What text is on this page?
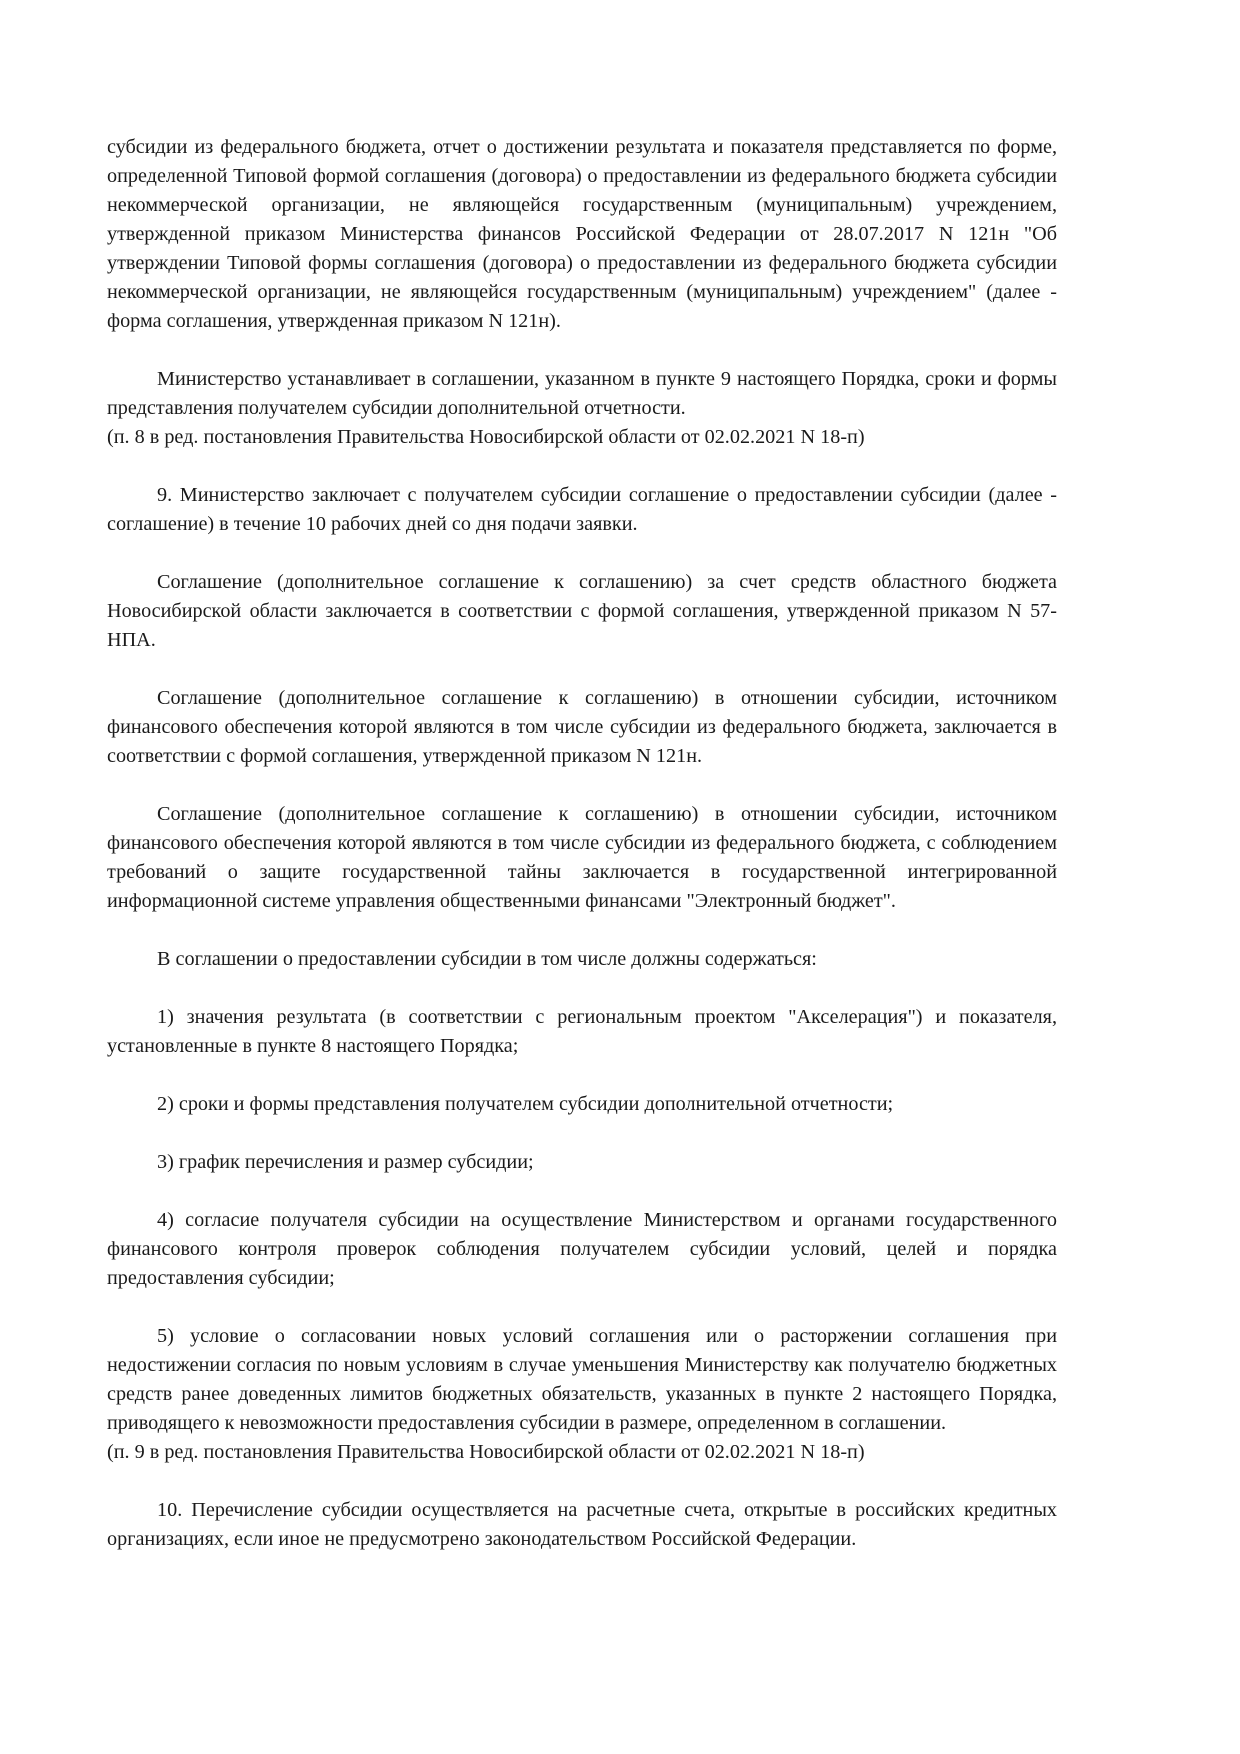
субсидии из федерального бюджета, отчет о достижении результата и показателя представляется по форме, определенной Типовой формой соглашения (договора) о предоставлении из федерального бюджета субсидии некоммерческой организации, не являющейся государственным (муниципальным) учреждением, утвержденной приказом Министерства финансов Российской Федерации от 28.07.2017 N 121н "Об утверждении Типовой формы соглашения (договора) о предоставлении из федерального бюджета субсидии некоммерческой организации, не являющейся государственным (муниципальным) учреждением" (далее - форма соглашения, утвержденная приказом N 121н).

Министерство устанавливает в соглашении, указанном в пункте 9 настоящего Порядка, сроки и формы представления получателем субсидии дополнительной отчетности.

(п. 8 в ред. постановления Правительства Новосибирской области от 02.02.2021 N 18-п)

9. Министерство заключает с получателем субсидии соглашение о предоставлении субсидии (далее - соглашение) в течение 10 рабочих дней со дня подачи заявки.

Соглашение (дополнительное соглашение к соглашению) за счет средств областного бюджета Новосибирской области заключается в соответствии с формой соглашения, утвержденной приказом N 57-НПА.

Соглашение (дополнительное соглашение к соглашению) в отношении субсидии, источником финансового обеспечения которой являются в том числе субсидии из федерального бюджета, заключается в соответствии с формой соглашения, утвержденной приказом N 121н.

Соглашение (дополнительное соглашение к соглашению) в отношении субсидии, источником финансового обеспечения которой являются в том числе субсидии из федерального бюджета, с соблюдением требований о защите государственной тайны заключается в государственной интегрированной информационной системе управления общественными финансами "Электронный бюджет".

В соглашении о предоставлении субсидии в том числе должны содержаться:

1) значения результата (в соответствии с региональным проектом "Акселерация") и показателя, установленные в пункте 8 настоящего Порядка;

2) сроки и формы представления получателем субсидии дополнительной отчетности;

3) график перечисления и размер субсидии;

4) согласие получателя субсидии на осуществление Министерством и органами государственного финансового контроля проверок соблюдения получателем субсидии условий, целей и порядка предоставления субсидии;

5) условие о согласовании новых условий соглашения или о расторжении соглашения при недостижении согласия по новым условиям в случае уменьшения Министерству как получателю бюджетных средств ранее доведенных лимитов бюджетных обязательств, указанных в пункте 2 настоящего Порядка, приводящего к невозможности предоставления субсидии в размере, определенном в соглашении.

(п. 9 в ред. постановления Правительства Новосибирской области от 02.02.2021 N 18-п)

10. Перечисление субсидии осуществляется на расчетные счета, открытые в российских кредитных организациях, если иное не предусмотрено законодательством Российской Федерации.
